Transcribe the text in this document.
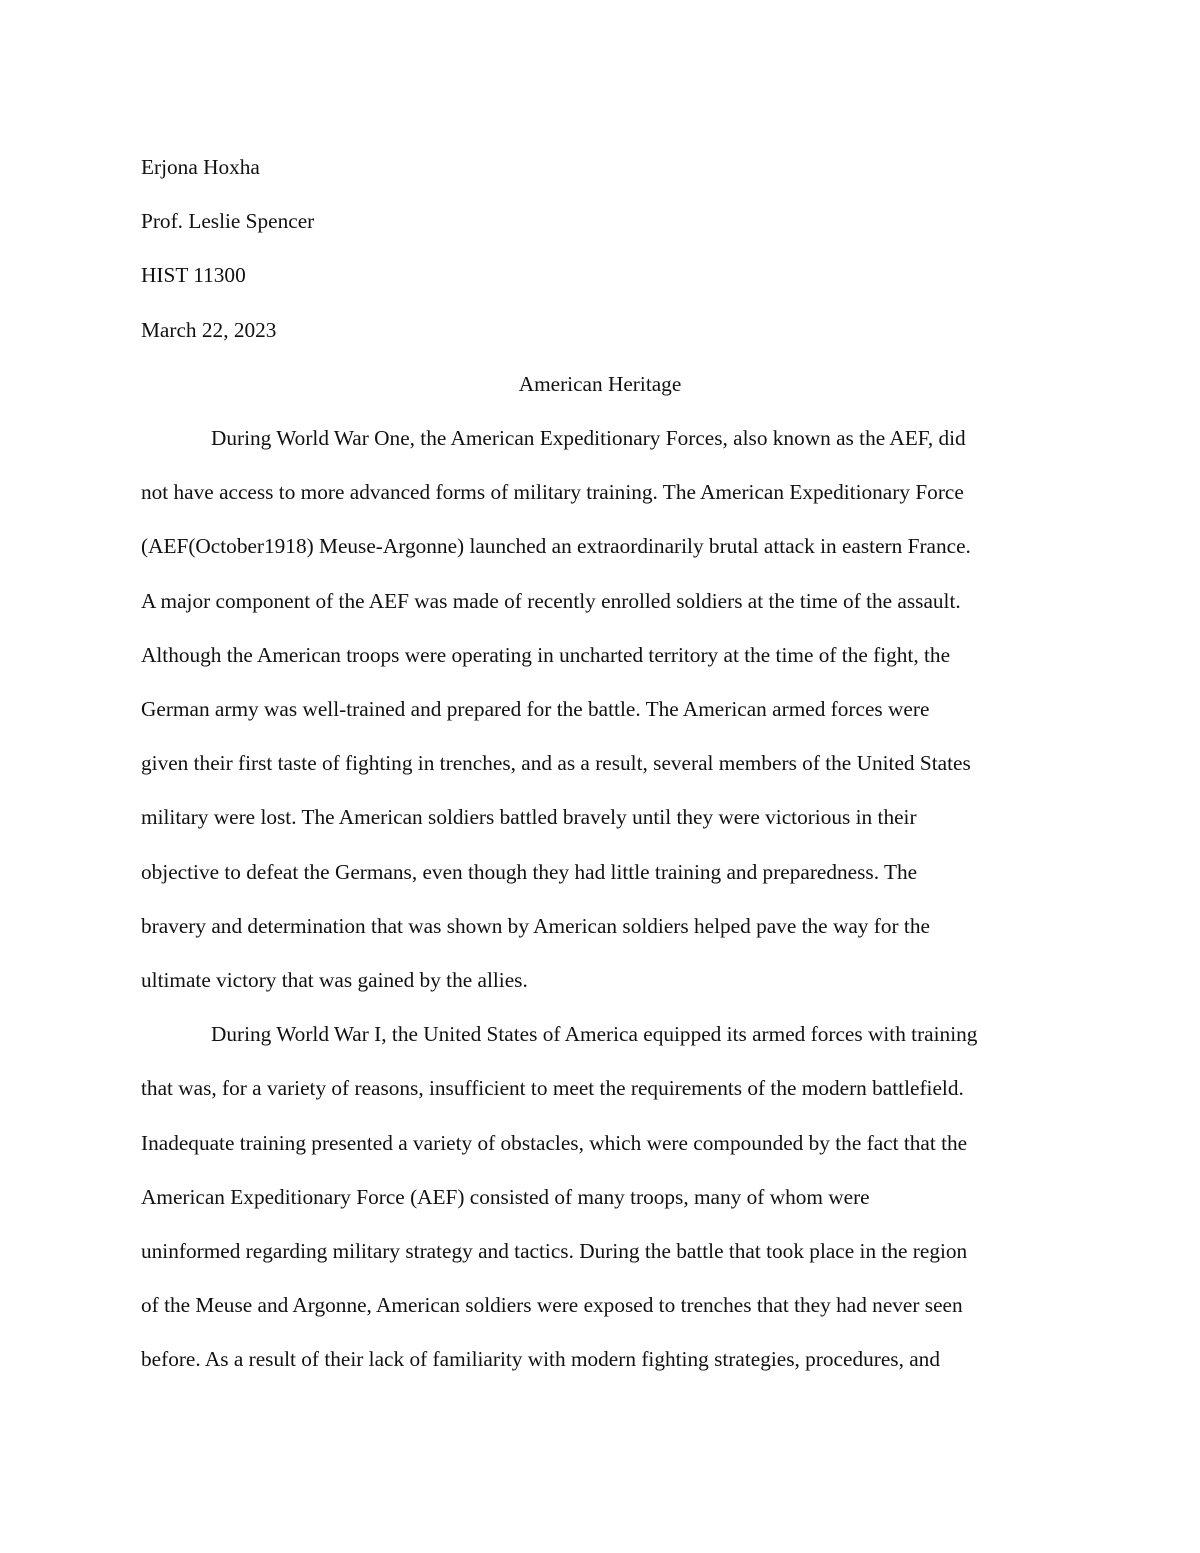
Erjona Hoxha

Prof. Leslie Spencer

HIST 11300

March 22, 2023

American Heritage

During World War One, the American Expeditionary Forces, also known as the AEF, did
not have access to more advanced forms of military training. The American Expeditionary Force
(AEF(October1918) Meuse-Argonne) launched an extraordinarily brutal attack in eastern France.
A major component of the AEF was made of recently enrolled soldiers at the time of the assault.
Although the American troops were operating in uncharted territory at the time of the fight, the
German army was well-trained and prepared for the battle. The American armed forces were
given their first taste of fighting in trenches, and as a result, several members of the United States
military were lost. The American soldiers battled bravely until they were victorious in their
objective to defeat the Germans, even though they had little training and preparedness. The
bravery and determination that was shown by American soldiers helped pave the way for the
ultimate victory that was gained by the allies.

During World War I, the United States of America equipped its armed forces with training
that was, for a variety of reasons, insufficient to meet the requirements of the modern battlefield.
Inadequate training presented a variety of obstacles, which were compounded by the fact that the
American Expeditionary Force (AEF) consisted of many troops, many of whom were
uninformed regarding military strategy and tactics. During the battle that took place in the region
of the Meuse and Argonne, American soldiers were exposed to trenches that they had never seen
before. As a result of their lack of familiarity with modern fighting strategies, procedures, and
